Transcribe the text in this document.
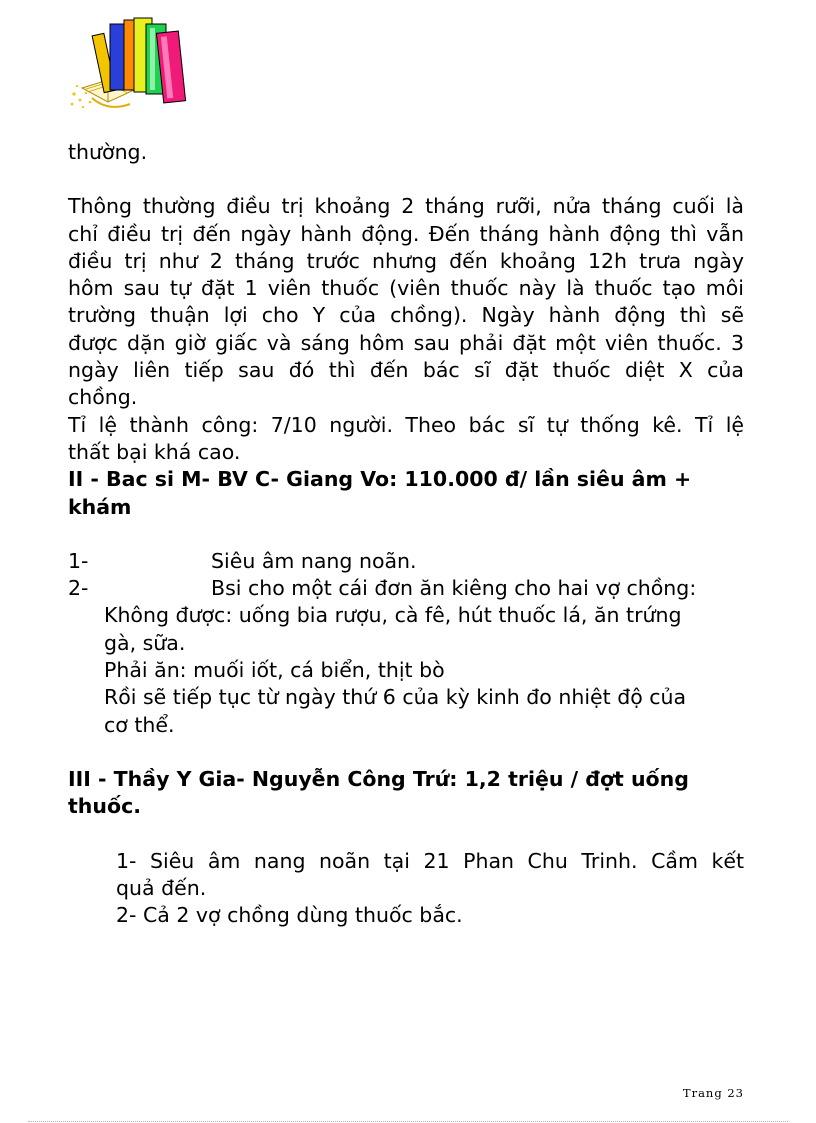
thường.

Thông thường điều trị khoảng 2 tháng rưỡi, nửa tháng cuối là
chỉ điều trị đến ngày hành động. Đến tháng hành động thì vẫn
điều trị như 2 tháng trước nhưng đến khoảng 12h trưa ngày
hôm sau tự đặt 1 viên thuốc (viên thuốc này là thuốc tạo môi
trường thuận lợi cho Y của chồng). Ngày hành động thì sẽ
được dặn giờ giấc và sáng hôm sau phải đặt một viên thuốc. 3
ngày liên tiếp sau đó thì đến bác sĩ đặt thuốc diệt X của
chồng.
Tỉ lệ thành công: 7/10 người. Theo bác sĩ tự thống kê. Tỉ lệ
thất bại khá cao.
II - Bac si M- BV C- Giang Vo: 110.000 đ/ lần siêu âm +
khám
1-	Siêu âm nang noãn.
2-	Bsi cho một cái đơn ăn kiêng cho hai vợ chồng:
Không được: uống bia rượu, cà fê, hút thuốc lá, ăn trứng
gà, sữa.
Phải ăn: muối iốt, cá biển, thịt bò
Rồi sẽ tiếp tục từ ngày thứ 6 của kỳ kinh đo nhiệt độ của
cơ thể.
III - Thầy Y Gia- Nguyễn Công Trứ: 1,2 triệu / đợt uống
thuốc.
1- Siêu âm nang noãn tại 21 Phan Chu Trinh. Cầm kết
quả đến.
2- Cả 2 vợ chồng dùng thuốc bắc.
Trang 23
